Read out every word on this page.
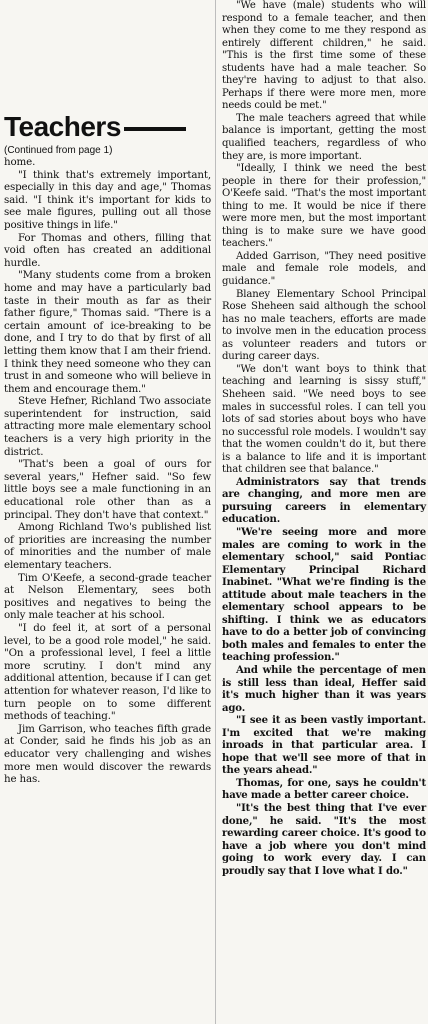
Teachers
(Continued from page 1)

home.

"I think that's extremely important, especially in this day and age," Thomas said. "I think it's important for kids to see male figures, pulling out all those positive things in life."

For Thomas and others, filling that void often has created an additional hurdle.

"Many students come from a broken home and may have a particularly bad taste in their mouth as far as their father figure," Thomas said. "There is a certain amount of ice-breaking to be done, and I try to do that by first of all letting them know that I am their friend. I think they need someone who they can trust in and someone who will believe in them and encourage them."

Steve Hefner, Richland Two associate superintendent for instruction, said attracting more male elementary school teachers is a very high priority in the district.

"That's been a goal of ours for several years," Hefner said. "So few little boys see a male functioning in an educational role other than as a principal. They don't have that context."

Among Richland Two's published list of priorities are increasing the number of minorities and the number of male elementary teachers.

Tim O'Keefe, a second-grade teacher at Nelson Elementary, sees both positives and negatives to being the only male teacher at his school.

"I do feel it, at sort of a personal level, to be a good role model," he said. "On a professional level, I feel a little more scrutiny. I don't mind any additional attention, because if I can get attention for whatever reason, I'd like to turn people on to some different methods of teaching."

Jim Garrison, who teaches fifth grade at Conder, said he finds his job as an educator very challenging and wishes more men would discover the rewards he has.

"We have (male) students who will respond to a female teacher, and then when they come to me they respond as entirely different children," he said. "This is the first time some of these students have had a male teacher. So they're having to adjust to that also. Perhaps if there were more men, more needs could be met."

The male teachers agreed that while balance is important, getting the most qualified teachers, regardless of who they are, is more important.

"Ideally, I think we need the best people in there for their profession," O'Keefe said. "That's the most important thing to me. It would be nice if there were more men, but the most important thing is to make sure we have good teachers."

Added Garrison, "They need positive male and female role models, and guidance."

Blaney Elementary School Principal Rose Sheheen said although the school has no male teachers, efforts are made to involve men in the education process as volunteer readers and tutors or during career days.

"We don't want boys to think that teaching and learning is sissy stuff," Sheheen said. "We need boys to see males in successful roles. I can tell you lots of sad stories about boys who have no successful role models. I wouldn't say that the women couldn't do it, but there is a balance to life and it is important that children see that balance."

Administrators say that trends are changing, and more men are pursuing careers in elementary education.

"We're seeing more and more males are coming to work in the elementary school," said Pontiac Elementary Principal Richard Inabinet. "What we're finding is the attitude about male teachers in the elementary school appears to be shifting. I think we as educators have to do a better job of convincing both males and females to enter the teaching profession."

And while the percentage of men is still less than ideal, Heffer said it's much higher than it was years ago.

"I see it as been vastly important. I'm excited that we're making inroads in that particular area. I hope that we'll see more of that in the years ahead."

Thomas, for one, says he couldn't have made a better career choice.

"It's the best thing that I've ever done," he said. "It's the most rewarding career choice. It's good to have a job where you don't mind going to work every day. I can proudly say that I love what I do."
